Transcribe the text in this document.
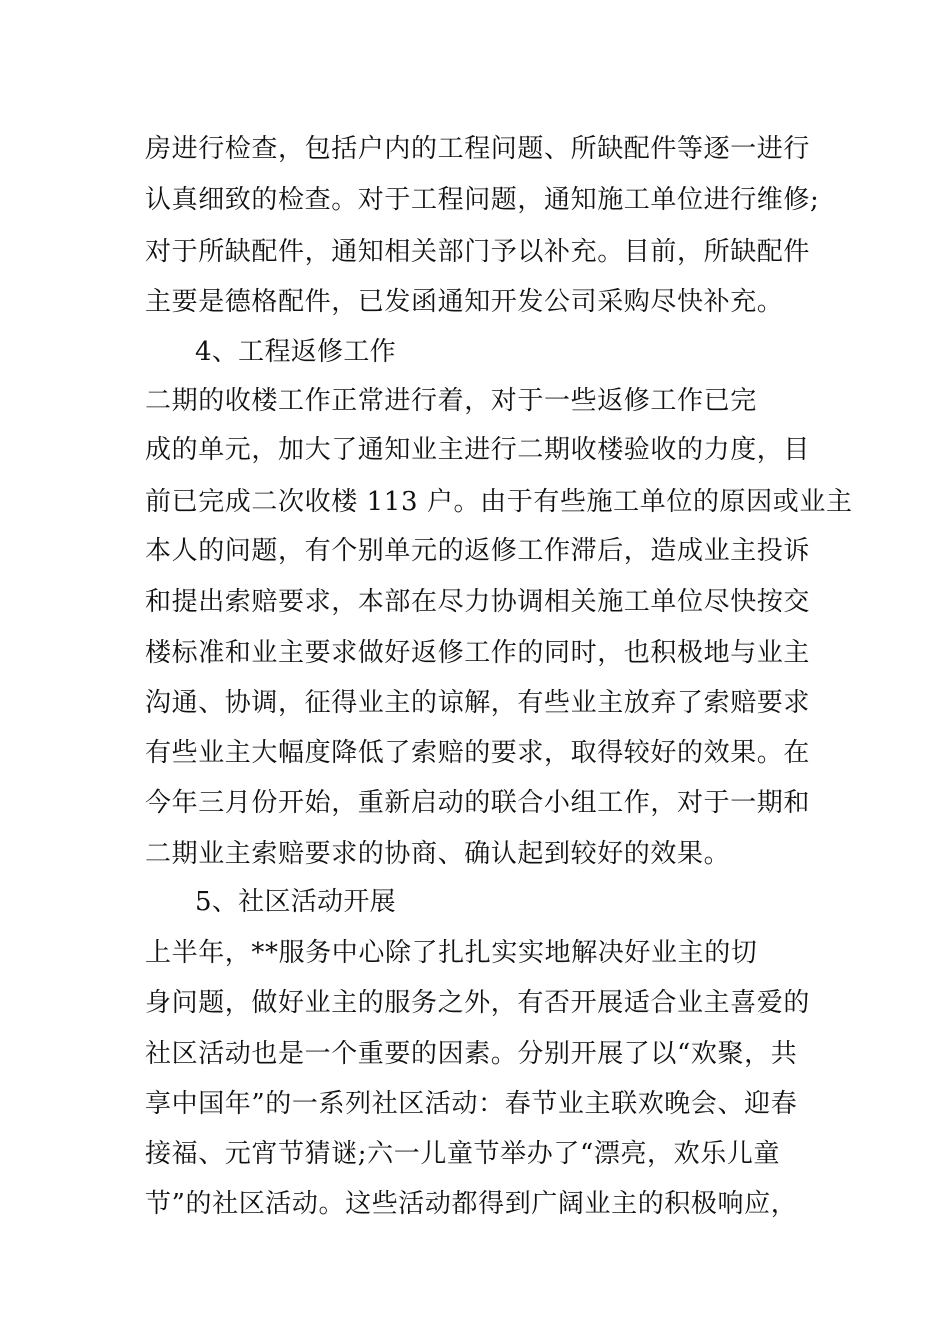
房进行检查，包括户内的工程问题、所缺配件等逐一进行
认真细致的检查。对于工程问题，通知施工单位进行维修;
对于所缺配件，通知相关部门予以补充。目前，所缺配件
主要是德格配件，已发函通知开发公司采购尽快补充。
4、工程返修工作
二期的收楼工作正常进行着，对于一些返修工作已完
成的单元，加大了通知业主进行二期收楼验收的力度，目
前已完成二次收楼 113 户。由于有些施工单位的原因或业主
本人的问题，有个别单元的返修工作滞后，造成业主投诉
和提出索赔要求，本部在尽力协调相关施工单位尽快按交
楼标准和业主要求做好返修工作的同时，也积极地与业主
沟通、协调，征得业主的谅解，有些业主放弃了索赔要求
有些业主大幅度降低了索赔的要求，取得较好的效果。在
今年三月份开始，重新启动的联合小组工作，对于一期和
二期业主索赔要求的协商、确认起到较好的效果。
5、社区活动开展
上半年，**服务中心除了扎扎实实地解决好业主的切
身问题，做好业主的服务之外，有否开展适合业主喜爱的
社区活动也是一个重要的因素。分别开展了以“欢聚，共
享中国年”的一系列社区活动：春节业主联欢晚会、迎春
接福、元宵节猜谜;六一儿童节举办了“漂亮，欢乐儿童
节”的社区活动。这些活动都得到广阔业主的积极响应，
